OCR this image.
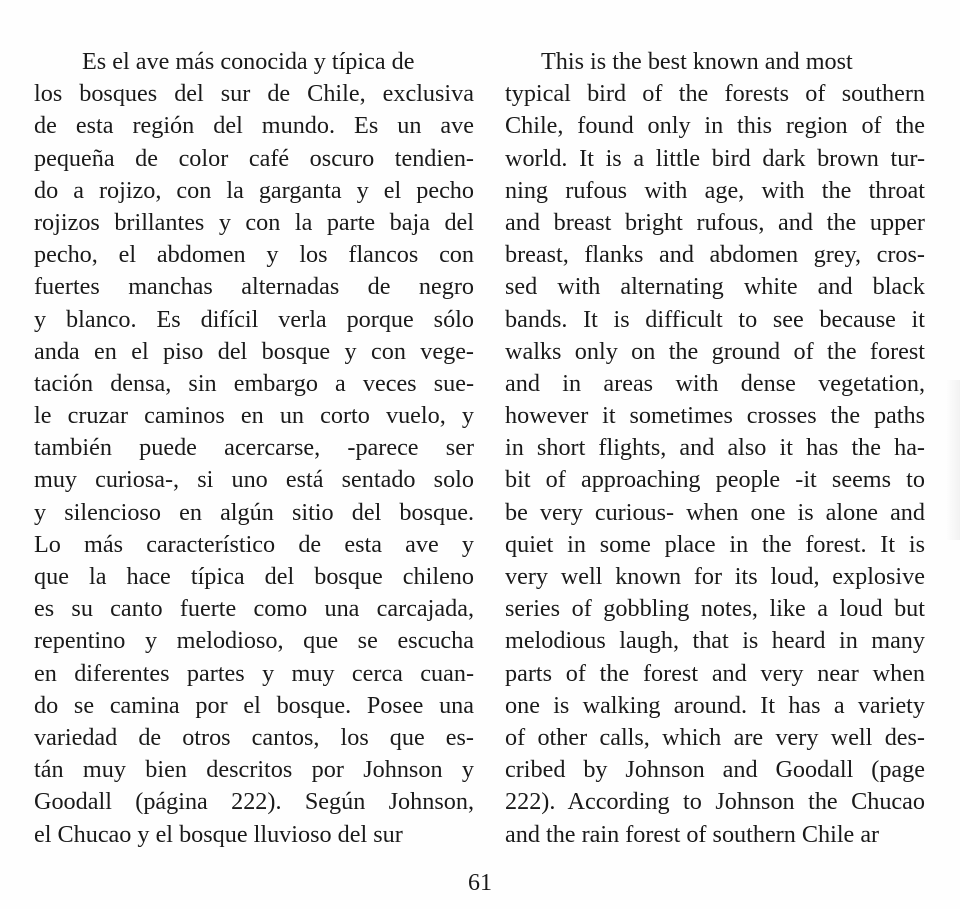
Es el ave más conocida y típica de
los bosques del sur de Chile, exclusiva
de esta región del mundo. Es un ave
pequeña de color café oscuro tendien-
do a rojizo, con la garganta y el pecho
rojizos brillantes y con la parte baja del
pecho, el abdomen y los flancos con
fuertes manchas alternadas de negro
y blanco. Es difícil verla porque sólo
anda en el piso del bosque y con vege-
tación densa, sin embargo a veces sue-
le cruzar caminos en un corto vuelo, y
también puede acercarse, -parece ser
muy curiosa-, si uno está sentado solo
y silencioso en algún sitio del bosque.
Lo más característico de esta ave y
que la hace típica del bosque chileno
es su canto fuerte como una carcajada,
repentino y melodioso, que se escucha
en diferentes partes y muy cerca cuan-
do se camina por el bosque. Posee una
variedad de otros cantos, los que es-
tán muy bien descritos por Johnson y
Goodall (página 222). Según Johnson,
el Chucao y el bosque lluvioso del sur
This is the best known and most
typical bird of the forests of southern
Chile, found only in this region of the
world. It is a little bird dark brown tur-
ning rufous with age, with the throat
and breast bright rufous, and the upper
breast, flanks and abdomen grey, cros-
sed with alternating white and black
bands. It is difficult to see because it
walks only on the ground of the forest
and in areas with dense vegetation,
however it sometimes crosses the paths
in short flights, and also it has the ha-
bit of approaching people -it seems to
be very curious- when one is alone and
quiet in some place in the forest. It is
very well known for its loud, explosive
series of gobbling notes, like a loud but
melodious laugh, that is heard in many
parts of the forest and very near when
one is walking around. It has a variety
of other calls, which are very well des-
cribed by Johnson and Goodall (page
222). According to Johnson the Chucao
and the rain forest of southern Chile ar
61
